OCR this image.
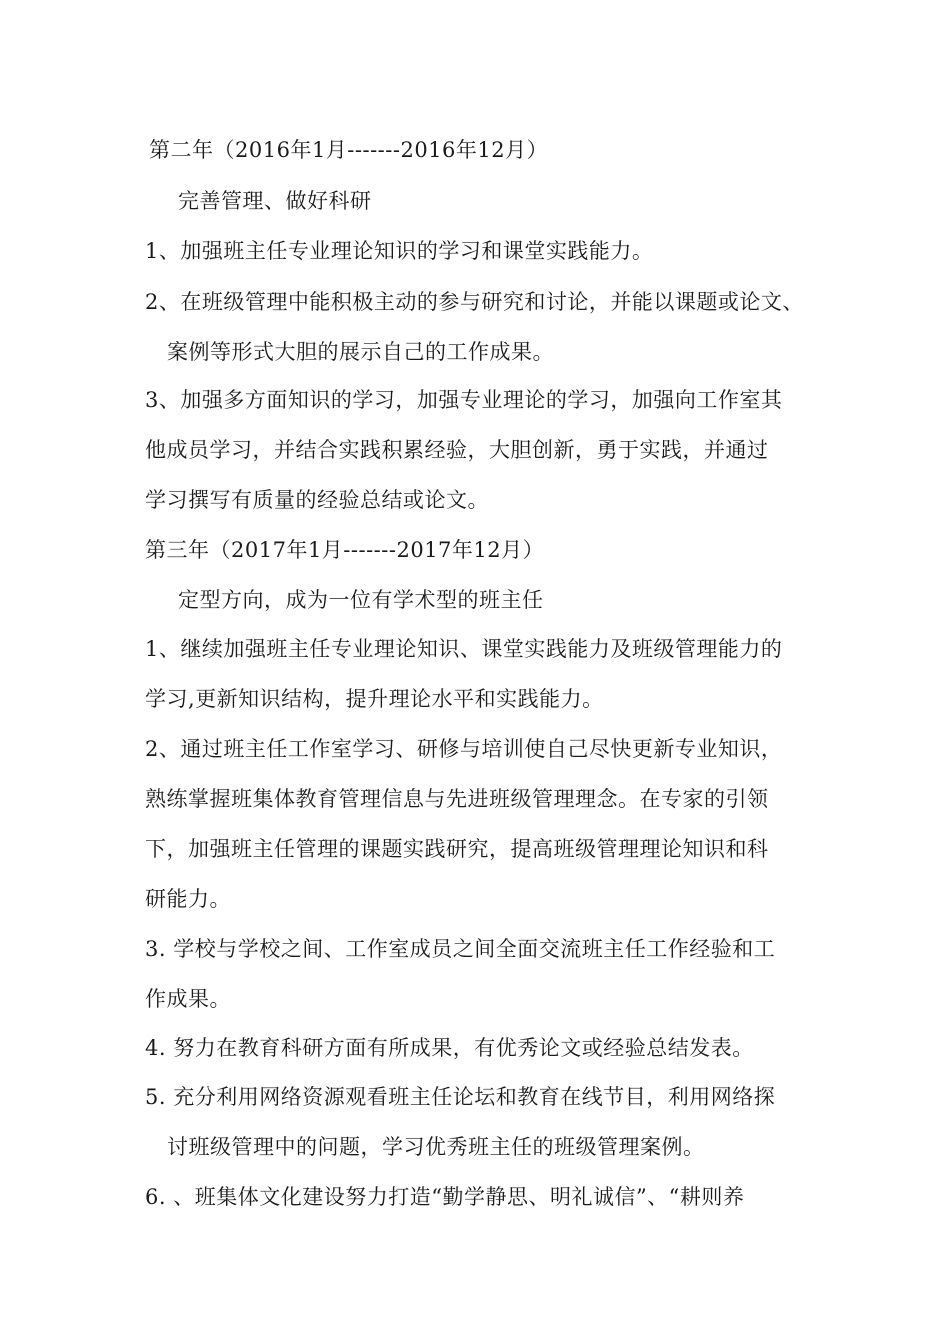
第二年（2016年1月-------2016年12月）
完善管理、做好科研
1、加强班主任专业理论知识的学习和课堂实践能力。
2、在班级管理中能积极主动的参与研究和讨论，并能以课题或论文、
案例等形式大胆的展示自己的工作成果。
3、加强多方面知识的学习，加强专业理论的学习，加强向工作室其
他成员学习，并结合实践积累经验，大胆创新，勇于实践，并通过
学习撰写有质量的经验总结或论文。
第三年（2017年1月-------2017年12月）
定型方向，成为一位有学术型的班主任
1、继续加强班主任专业理论知识、课堂实践能力及班级管理能力的
学习,更新知识结构，提升理论水平和实践能力。
2、通过班主任工作室学习、研修与培训使自己尽快更新专业知识，
熟练掌握班集体教育管理信息与先进班级管理理念。在专家的引领
下，加强班主任管理的课题实践研究，提高班级管理理论知识和科
研能力。
3. 学校与学校之间、工作室成员之间全面交流班主任工作经验和工
作成果。
4. 努力在教育科研方面有所成果，有优秀论文或经验总结发表。
5. 充分利用网络资源观看班主任论坛和教育在线节目，利用网络探
讨班级管理中的问题，学习优秀班主任的班级管理案例。
6. 、班集体文化建设努力打造“勤学静思、明礼诚信”、“耕则养
